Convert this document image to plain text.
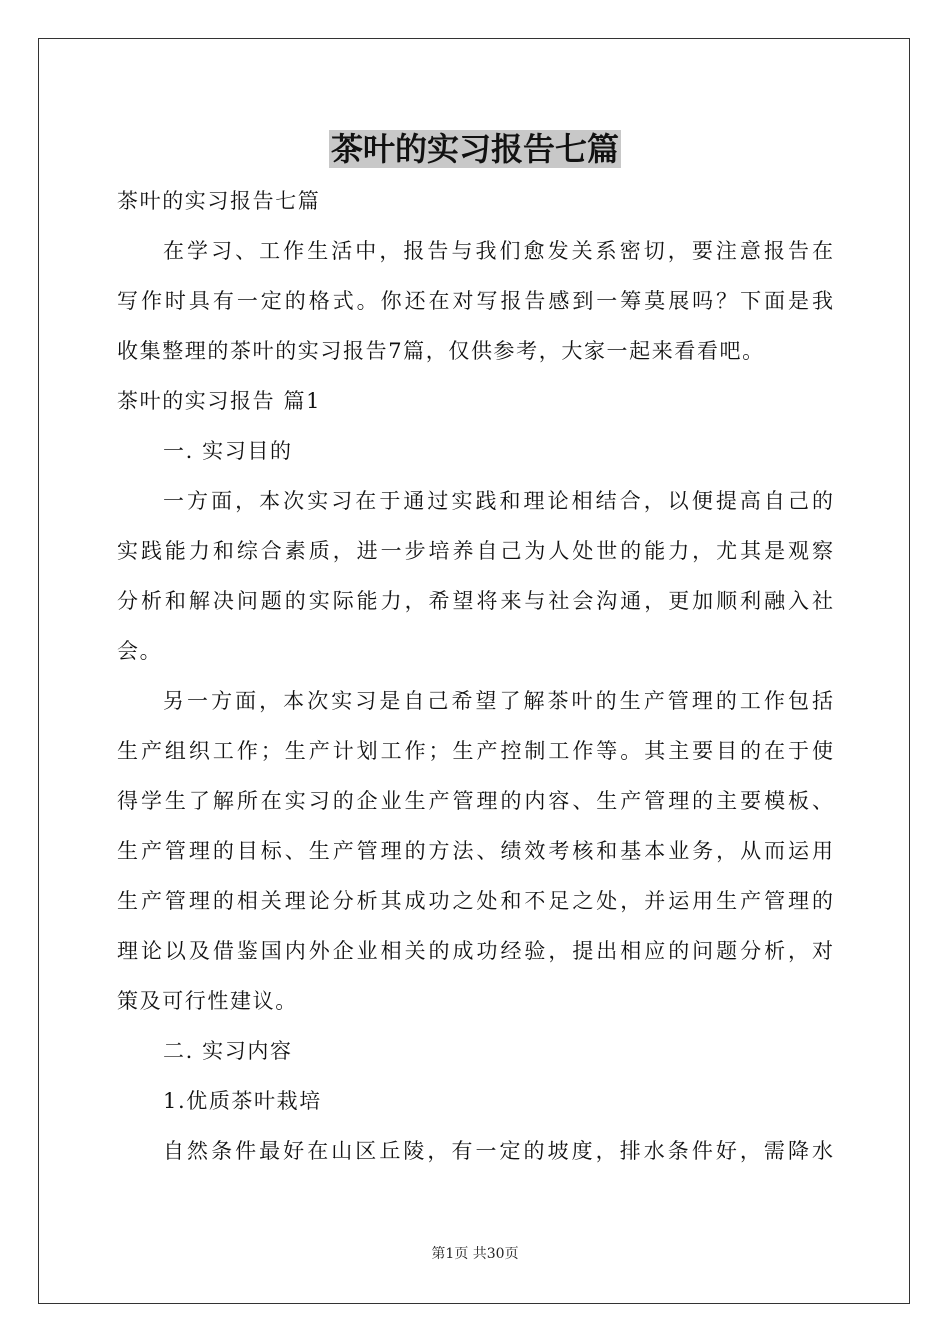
茶叶的实习报告七篇

茶叶的实习报告七篇

在学习、工作生活中，报告与我们愈发关系密切，要注意报告在

写作时具有一定的格式。你还在对写报告感到一筹莫展吗？下面是我

收集整理的茶叶的实习报告7篇，仅供参考，大家一起来看看吧。

茶叶的实习报告 篇1

一. 实习目的

一方面，本次实习在于通过实践和理论相结合，以便提高自己的

实践能力和综合素质，进一步培养自己为人处世的能力，尤其是观察

分析和解决问题的实际能力，希望将来与社会沟通，更加顺利融入社

会。

另一方面，本次实习是自己希望了解茶叶的生产管理的工作包括

生产组织工作；生产计划工作；生产控制工作等。其主要目的在于使

得学生了解所在实习的企业生产管理的内容、生产管理的主要模板、

生产管理的目标、生产管理的方法、绩效考核和基本业务，从而运用

生产管理的相关理论分析其成功之处和不足之处，并运用生产管理的

理论以及借鉴国内外企业相关的成功经验，提出相应的问题分析，对

策及可行性建议。

二. 实习内容

1.优质茶叶栽培

自然条件最好在山区丘陵，有一定的坡度，排水条件好，需降水

第1页 共30页
